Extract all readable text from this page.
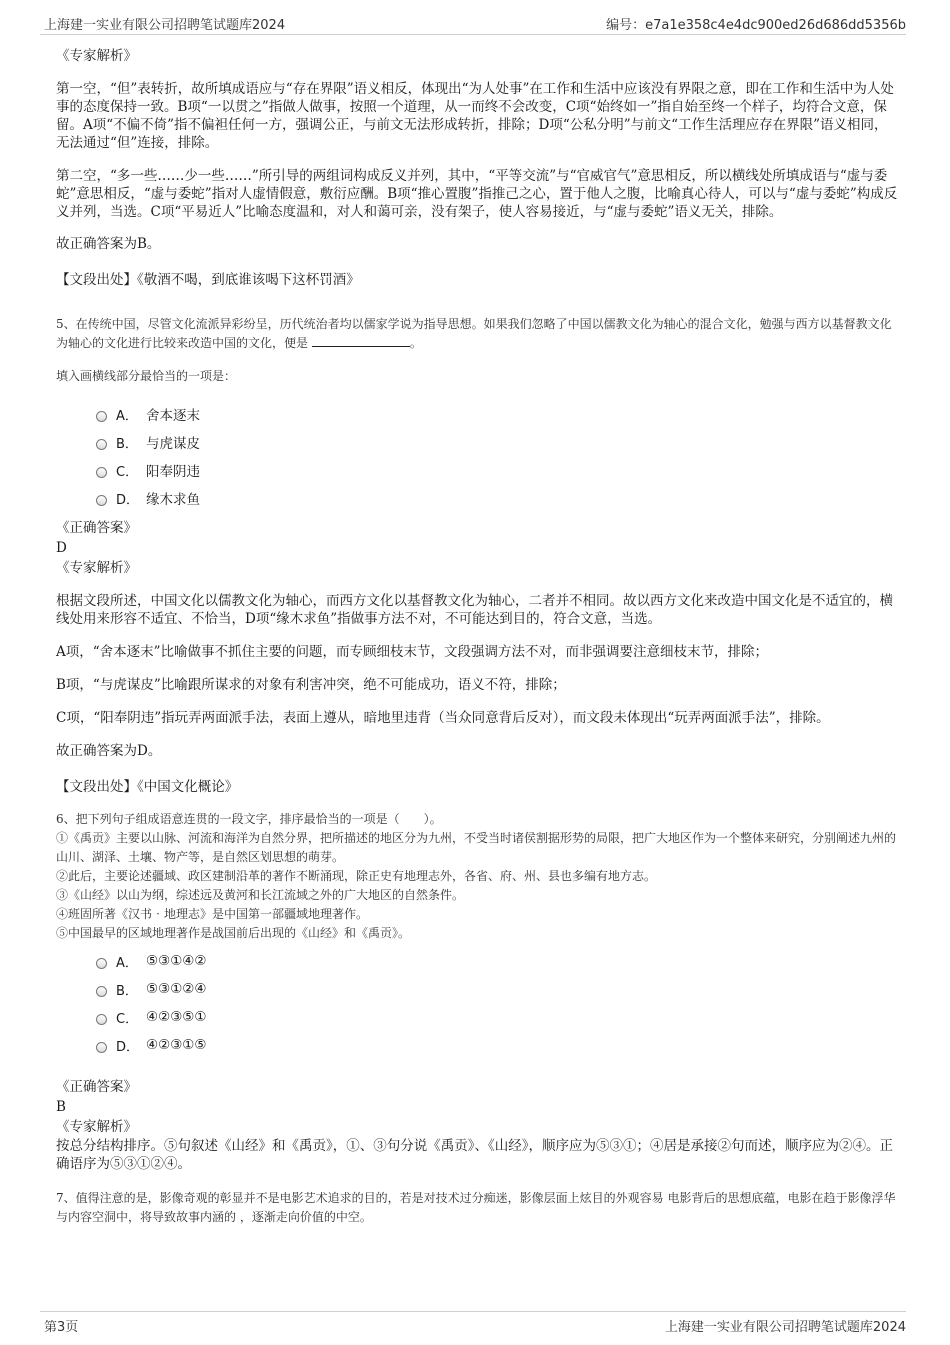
上海建一实业有限公司招聘笔试题库2024	编号：e7a1e358c4e4dc900ed26d686dd5356b

《专家解析》

第一空，“但”表转折，故所填成语应与“存在界限”语义相反，体现出“为人处事”在工作和生活中应该没有界限之意，即在工作和生活中为人处事的态度保持一致。B项“一以贯之”指做人做事，按照一个道理，从一而终不会改变，C项“始终如一”指自始至终一个样子，均符合文意，保留。A项“不偏不倚”指不偏袒任何一方，强调公正，与前文无法形成转折，排除；D项“公私分明”与前文“工作生活理应存在界限”语义相同，无法通过“但”连接，排除。

第二空，“多一些……少一些……”所引导的两组词构成反义并列，其中，“平等交流”与“官威官气”意思相反，所以横线处所填成语与“虚与委蛇”意思相反，“虚与委蛇”指对人虚情假意，敷衍应酬。B项“推心置腹”指推己之心，置于他人之腹，比喻真心待人，可以与“虚与委蛇”构成反义并列，当选。C项“平易近人”比喻态度温和，对人和蔼可亲，没有架子，使人容易接近，与“虚与委蛇”语义无关，排除。

故正确答案为B。

【文段出处】《敬酒不喝，到底谁该喝下这杯罚酒》

5、在传统中国，尽管文化流派异彩纷呈，历代统治者均以儒家学说为指导思想。如果我们忽略了中国以儒教文化为轴心的混合文化，勉强与西方以基督教文化为轴心的文化进行比较来改造中国的文化，便是	。

填入画横线部分最恰当的一项是：

A． 舍本逐末
B． 与虎谋皮
C． 阳奉阴违
D． 缘木求鱼

《正确答案》

D

《专家解析》

根据文段所述，中国文化以儒教文化为轴心，而西方文化以基督教文化为轴心，二者并不相同。故以西方文化来改造中国文化是不适宜的，横线处用来形容不适宜、不恰当，D项“缘木求鱼”指做事方法不对，不可能达到目的，符合文意，当选。

A项，“舍本逐末”比喻做事不抓住主要的问题，而专顾细枝末节，文段强调方法不对，而非强调要注意细枝末节，排除；

B项，“与虎谋皮”比喻跟所谋求的对象有利害冲突，绝不可能成功，语义不符，排除；

C项，“阳奉阴违”指玩弄两面派手法，表面上遵从，暗地里违背（当众同意背后反对），而文段未体现出“玩弄两面派手法”，排除。

故正确答案为D。

【文段出处】《中国文化概论》

6、把下列句子组成语意连贯的一段文字，排序最恰当的一项是（　　）。

①《禹贡》主要以山脉、河流和海洋为自然分界，把所描述的地区分为九州，不受当时诸侯割据形势的局限，把广大地区作为一个整体来研究，分别阐述九州的山川、湖泽、土壤、物产等，是自然区划思想的萌芽。

②此后，主要论述疆域、政区建制沿革的著作不断涌现，除正史有地理志外，各省、府、州、县也多编有地方志。

③《山经》以山为纲，综述远及黄河和长江流域之外的广大地区的自然条件。

④班固所著《汉书‧地理志》是中国第一部疆域地理著作。

⑤中国最早的区域地理著作是战国前后出现的《山经》和《禹贡》。

A． ⑤③①④②
B． ⑤③①②④
C． ④②③⑤①
D． ④②③①⑤

《正确答案》

B

《专家解析》

按总分结构排序。⑤句叙述《山经》和《禹贡》，①、③句分说《禹贡》、《山经》，顺序应为⑤③①；④居是承接②句而述，顺序应为②④。正确语序为⑤③①②④。

7、值得注意的是，影像奇观的彰显并不是电影艺术追求的目的，若是对技术过分痴迷，影像层面上炫目的外观容易 电影背后的思想底蕴，电影在趋于影像浮华与内容空洞中，将导致故事内涵的 ，逐渐走向价值的中空。

第3页	上海建一实业有限公司招聘笔试题库2024
